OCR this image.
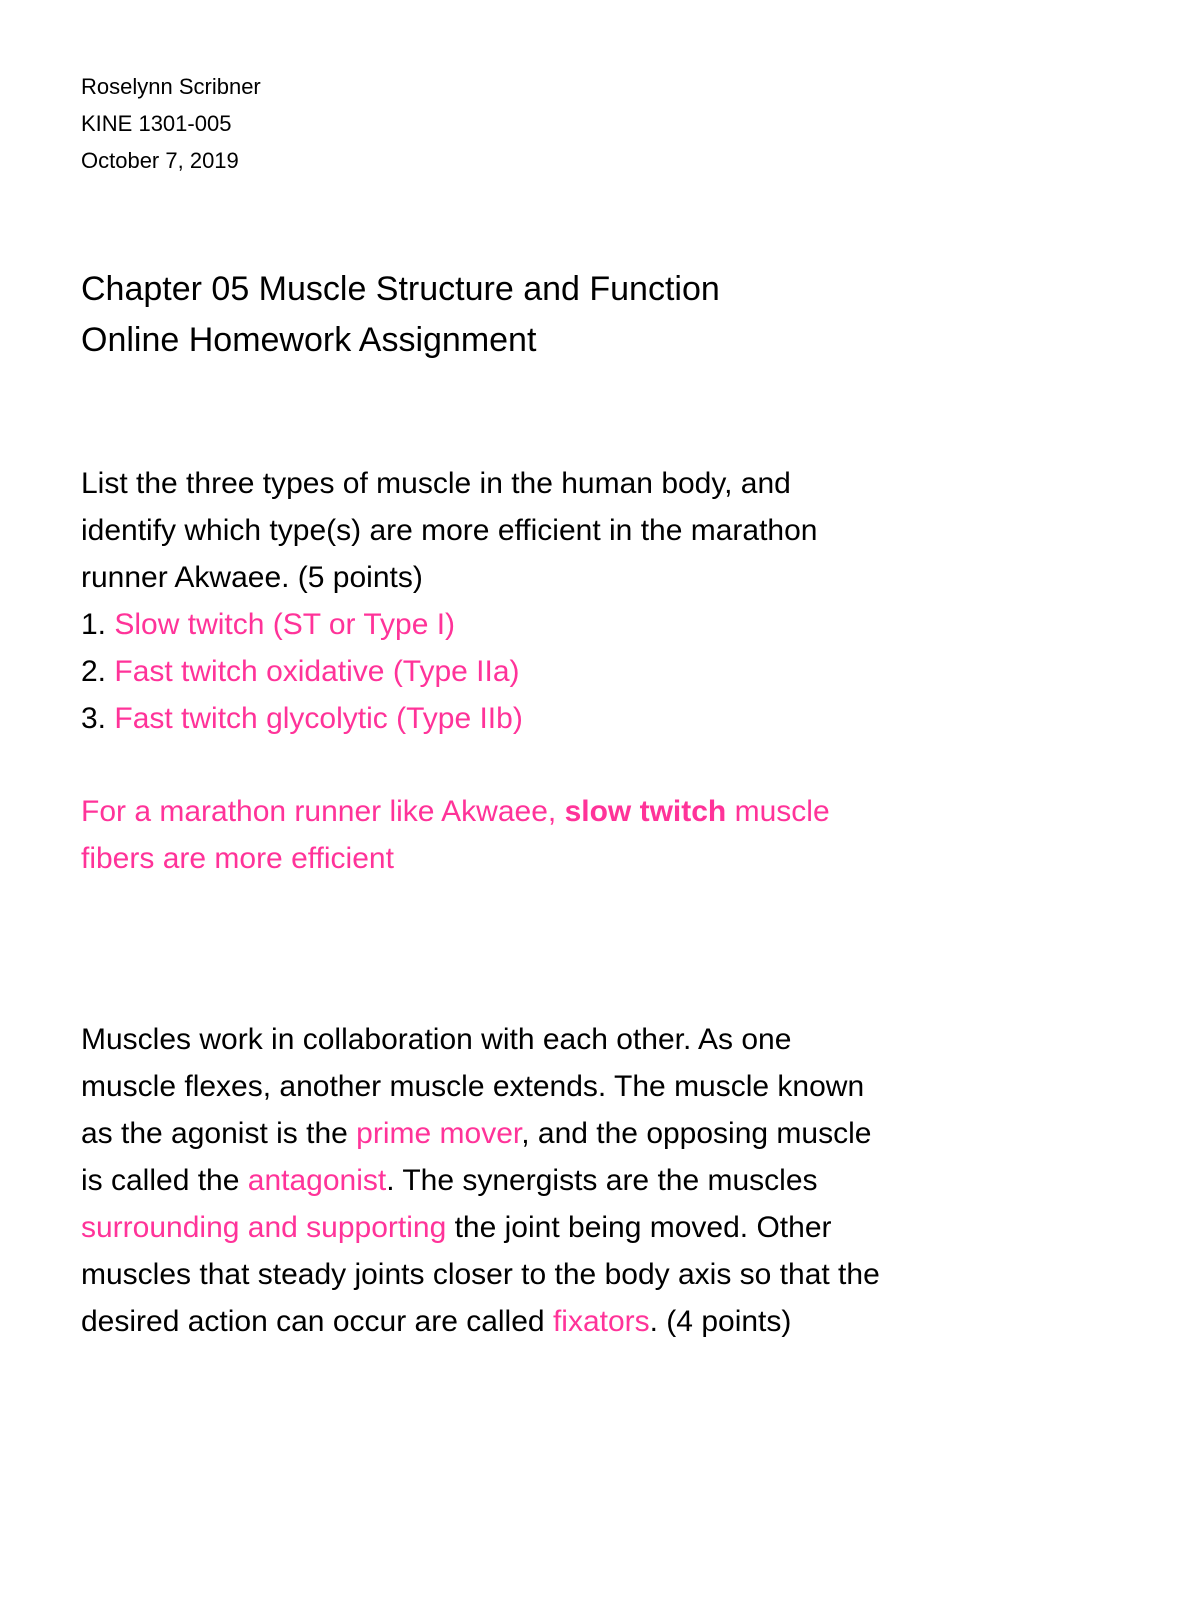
Roselynn Scribner
KINE 1301-005
October 7, 2019
Chapter 05 Muscle Structure and Function
Online Homework Assignment
List the three types of muscle in the human body, and
identify which type(s) are more efficient in the marathon
runner Akwaee. (5 points)
1. Slow twitch (ST or Type I)
2. Fast twitch oxidative (Type IIa)
3. Fast twitch glycolytic (Type IIb)
For a marathon runner like Akwaee, slow twitch muscle
fibers are more efficient
Muscles work in collaboration with each other. As one
muscle flexes, another muscle extends. The muscle known
as the agonist is the prime mover, and the opposing muscle
is called the antagonist. The synergists are the muscles
surrounding and supporting the joint being moved. Other
muscles that steady joints closer to the body axis so that the
desired action can occur are called fixators. (4 points)
